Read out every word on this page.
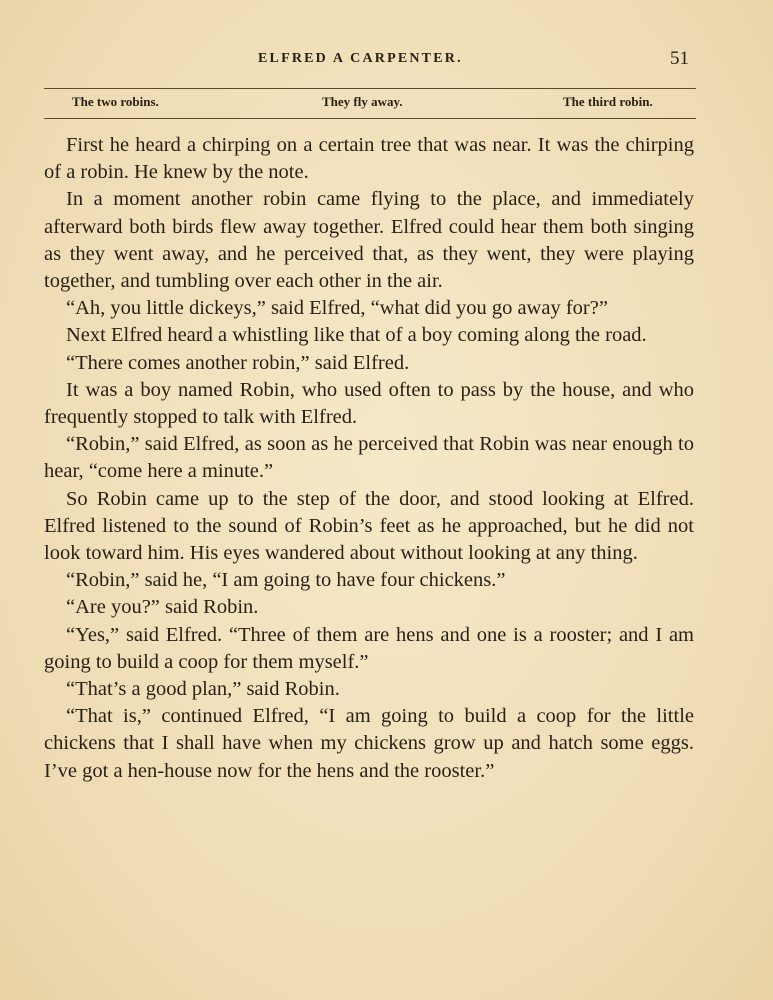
ELFRED A CARPENTER.	51
The two robins.	They fly away.	The third robin.

First he heard a chirping on a certain tree that was near. It was the chirping of a robin. He knew by the note.

In a moment another robin came flying to the place, and immediately afterward both birds flew away together. Elfred could hear them both singing as they went away, and he perceived that, as they went, they were playing together, and tumbling over each other in the air.

“Ah, you little dickeys,” said Elfred, “what did you go away for?”

Next Elfred heard a whistling like that of a boy coming along the road.

“There comes another robin,” said Elfred.

It was a boy named Robin, who used often to pass by the house, and who frequently stopped to talk with Elfred.

“Robin,” said Elfred, as soon as he perceived that Robin was near enough to hear, “come here a minute.”

So Robin came up to the step of the door, and stood looking at Elfred. Elfred listened to the sound of Robin’s feet as he approached, but he did not look toward him. His eyes wandered about without looking at any thing.

“Robin,” said he, “I am going to have four chickens.”

“Are you?” said Robin.

“Yes,” said Elfred. “Three of them are hens and one is a rooster; and I am going to build a coop for them myself.”

“That’s a good plan,” said Robin.

“That is,” continued Elfred, “I am going to build a coop for the little chickens that I shall have when my chickens grow up and hatch some eggs. I’ve got a hen-house now for the hens and the rooster.”
